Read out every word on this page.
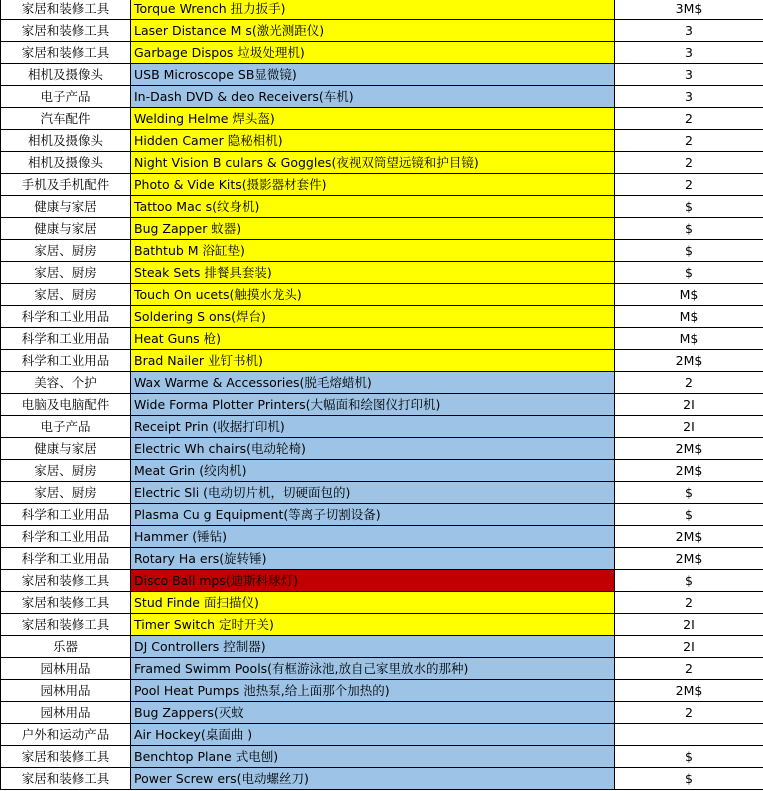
家居和装修工具	Torque Wrench 扭力扳手)	3M$
家居和装修工具	Laser Distance M s(激光测距仪)	3
家居和装修工具	Garbage Dispos 垃圾处理机)	3
相机及摄像头	USB Microscope SB显微镜)	3
电子产品	In-Dash DVD & deo Receivers(车机)	3
汽车配件	Welding Helme 焊头盔)	2
相机及摄像头	Hidden Camer 隐秘相机)	2
相机及摄像头	Night Vision B culars & Goggles(夜视双筒望远镜和护目镜)	2
手机及手机配件	Photo & Vide Kits(摄影器材套件)	2
健康与家居	Tattoo Mac s(纹身机)	$
健康与家居	Bug Zapper 蚊器)	$
家居、厨房	Bathtub M 浴缸垫)	$
家居、厨房	Steak Sets 排餐具套装)	$
家居、厨房	Touch On ucets(触摸水龙头)	M$
科学和工业用品	Soldering S ons(焊台)	M$
科学和工业用品	Heat Guns 枪)	M$
科学和工业用品	Brad Nailer 业钉书机)	2M$
美容、个护	Wax Warme & Accessories(脱毛熔蜡机)	2
电脑及电脑配件	Wide Forma Plotter Printers(大幅面和绘图仪打印机)	2I
电子产品	Receipt Prin (收据打印机)	2I
健康与家居	Electric Wh chairs(电动轮椅)	2M$
家居、厨房	Meat Grin (绞肉机)	2M$
家居、厨房	Electric Sli (电动切片机，切硬面包的)	$
科学和工业用品	Plasma Cu g Equipment(等离子切割设备)	$
科学和工业用品	Hammer (锤钻)	2M$
科学和工业用品	Rotary Ha ers(旋转锤)	2M$
家居和装修工具	Disco Ball mps(迪斯科球灯)	$
家居和装修工具	Stud Finde 面扫描仪)	2
家居和装修工具	Timer Switch 定时开关)	2I
乐器	DJ Controllers 控制器)	2I
园林用品	Framed Swimm Pools(有框游泳池,放自己家里放水的那种)	2
园林用品	Pool Heat Pumps 池热泵,给上面那个加热的)	2M$
园林用品	Bug Zappers(灭蚊	2
户外和运动产品	Air Hockey(桌面曲 )	
家居和装修工具	Benchtop Plane 式电刨)	$
家居和装修工具	Power Screw ers(电动螺丝刀)	$
